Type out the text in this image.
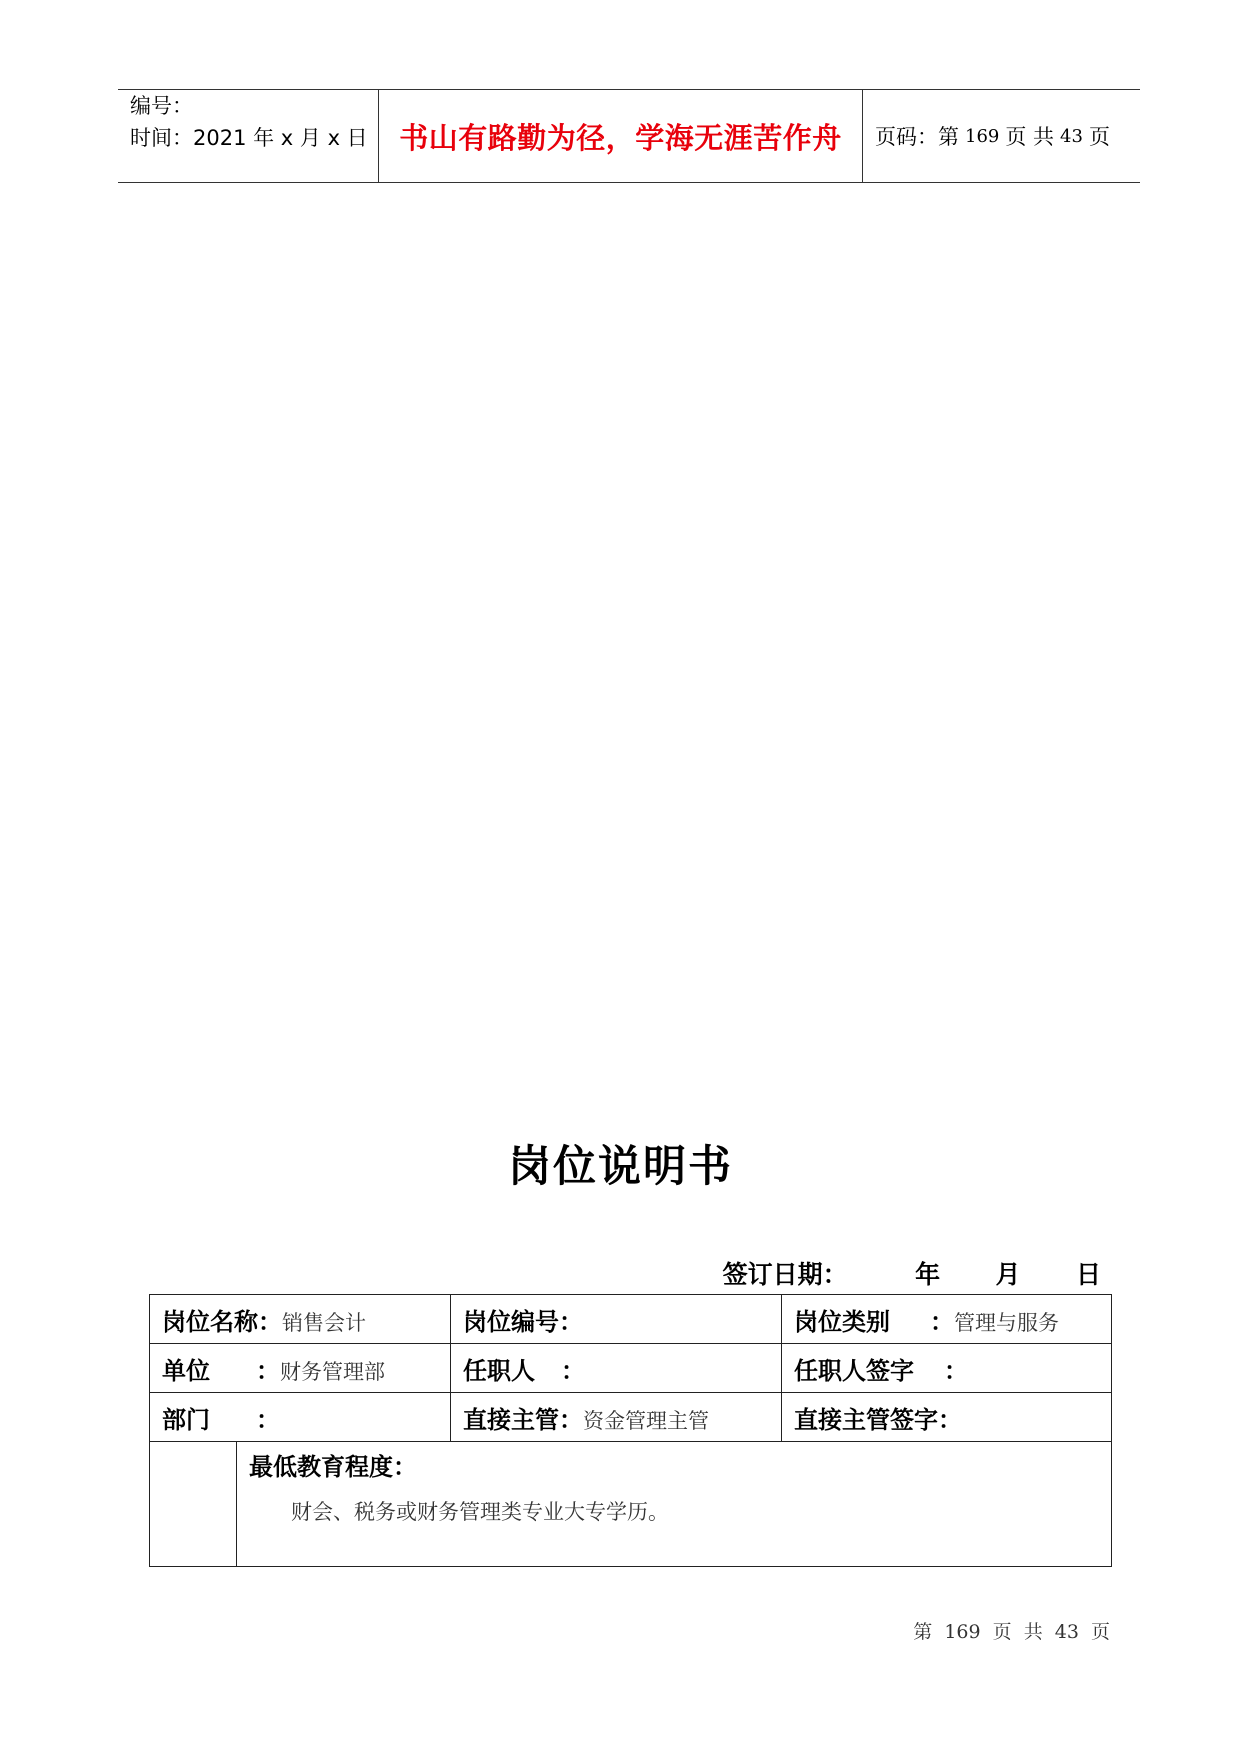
编号：
时间：2021 年 x 月 x 日	书山有路勤为径，学海无涯苦作舟	页码：第 169 页 共 43 页
岗位说明书
签订日期：	年 月 日
岗位名称：销售会计		岗位编号：	岗位类别 ：管理与服务
单位 ：财务管理部		任职人 ：	任职人签字 ：
部门 ：		直接主管：资金管理主管	直接主管签字：

	最低教育程度：
财会、税务或财务管理类专业大专学历。		
第 169 页 共 43 页
